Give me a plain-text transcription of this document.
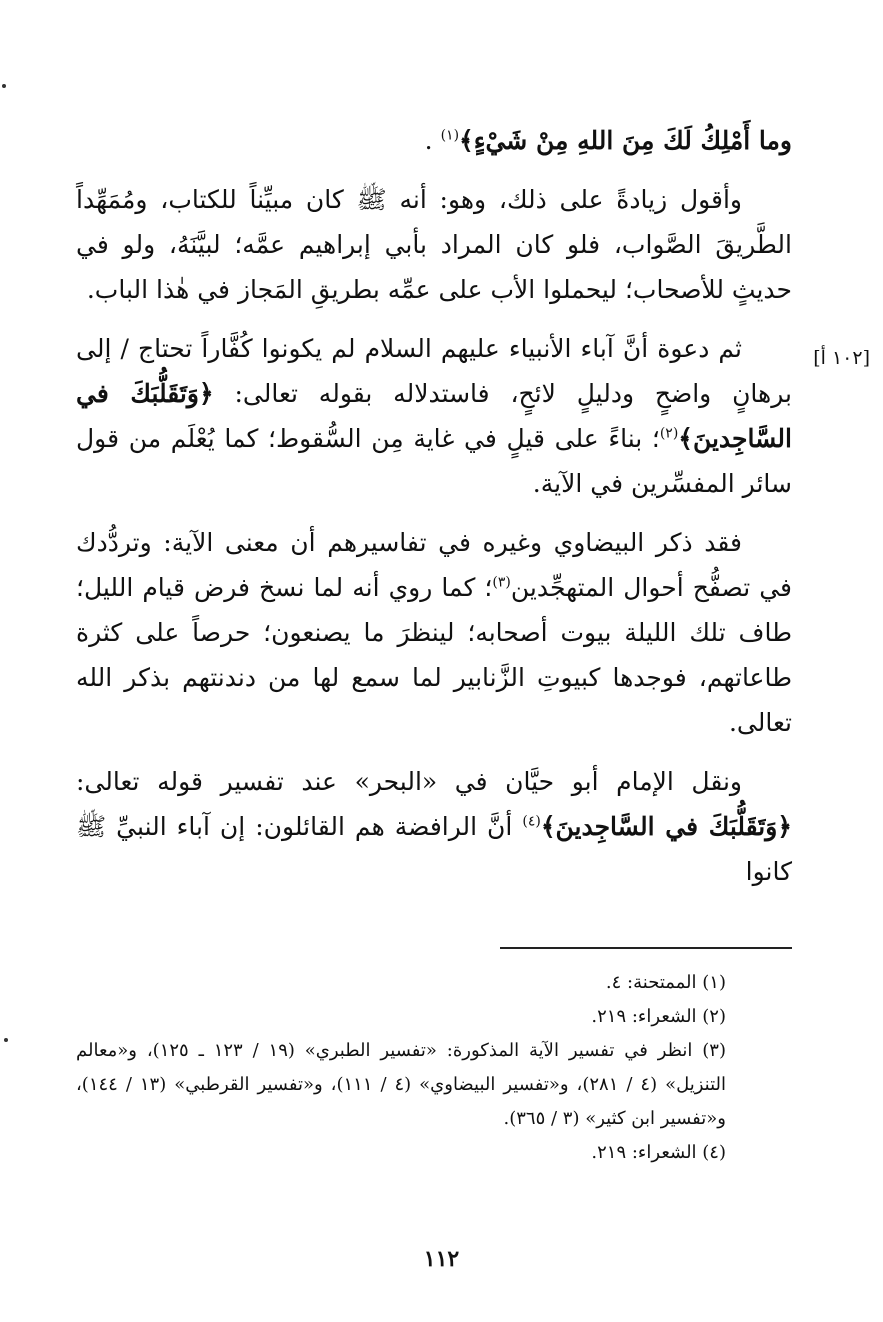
وما أَمْلِكُ لَكَ مِنَ اللهِ مِنْ شَيْءٍ﴾$^{(١)}$ .

وأقول زيادةً على ذلك، وهو: أنه ﷺ كان مبيِّناً للكتاب، ومُمَهِّداً الطَّريقَ الصَّواب، فلو كان المراد بأبي إبراهيم عمَّه؛ لبيَّنَهُ، ولو في حديثٍ للأصحاب؛ ليحملوا الأب على عمِّه بطريقِ المَجاز في هٰذا الباب.

ثم دعوة أنَّ آباء الأنبياء عليهم السلام لم يكونوا كُفَّاراً تحتاج / إلى برهانٍ واضحٍ ودليلٍ لائحٍ، فاستدلاله بقوله تعالى: ﴿وَتَقَلُّبَكَ في السَّاجِدينَ﴾$^{(٢)}$؛ بناءً على قيلٍ في غاية مِن السُّقوط؛ كما يُعْلَم من قول سائر المفسِّرين في الآية.

فقد ذكر البيضاوي وغيره في تفاسيرهم أن معنى الآية: وتردُّدك في تصفُّح أحوال المتهجِّدين$^{(٣)}$؛ كما روي أنه لما نسخ فرض قيام الليل؛ طاف تلك الليلة بيوت أصحابه؛ لينظرَ ما يصنعون؛ حرصاً على كثرة طاعاتهم، فوجدها كبيوتِ الزَّنابير لما سمع لها من دندنتهم بذكر الله تعالى.

ونقل الإمام أبو حيَّان في «البحر» عند تفسير قوله تعالى: ﴿وَتَقَلُّبَكَ في السَّاجِدينَ﴾$^{(٤)}$ أنَّ الرافضة هم القائلون: إن آباء النبيِّ ﷺ كانوا

[١٠٢ أ]

(١) الممتحنة: ٤.

(٢) الشعراء: ٢١٩.

(٣) انظر في تفسير الآية المذكورة: «تفسير الطبري» (١٩ / ١٢٣ ـ ١٢٥)، و«معالم التنزيل» (٤ / ٢٨١)، و«تفسير البيضاوي» (٤ / ١١١)، و«تفسير القرطبي» (١٣ / ١٤٤)، و«تفسير ابن كثير» (٣ / ٣٦٥).

(٤) الشعراء: ٢١٩.

١١٢
